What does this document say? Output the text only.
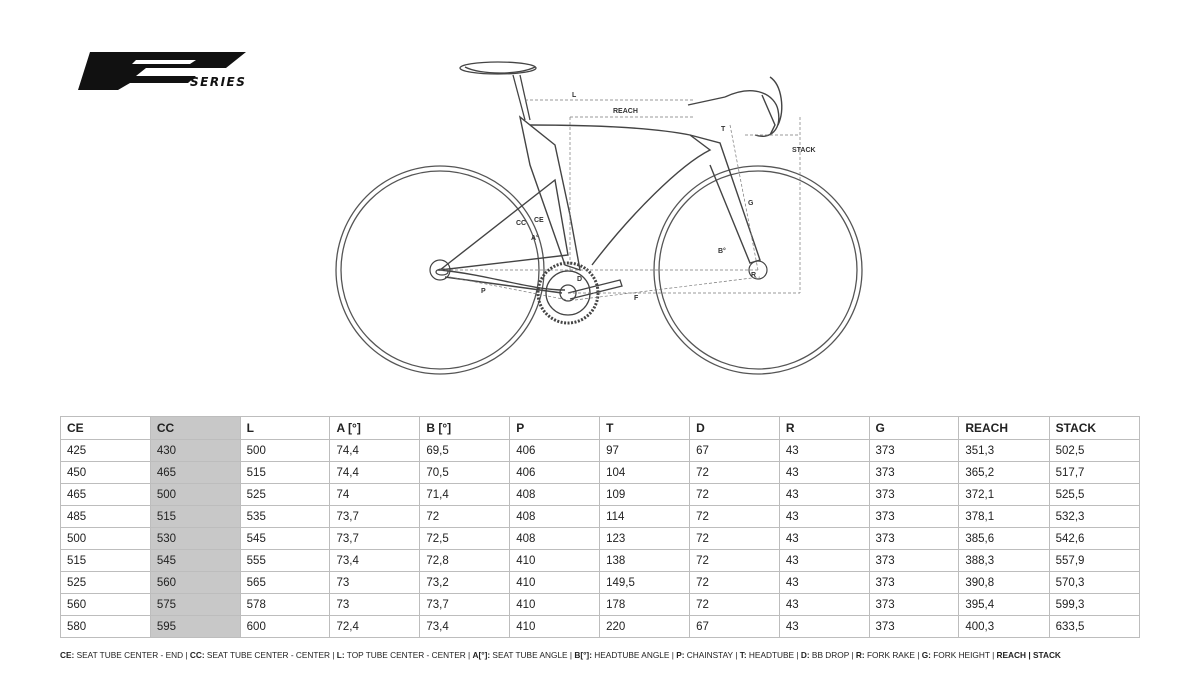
SERIES
L
REACH
STACK
T
G
CC CE
A°
B°
D
R
P
F
CE	CC	L	A [°]	B [°]	P	T	D	R	G	REACH	STACK
425	430	500	74,4	69,5	406	97	67	43	373	351,3	502,5
450	465	515	74,4	70,5	406	104	72	43	373	365,2	517,7
465	500	525	74	71,4	408	109	72	43	373	372,1	525,5
485	515	535	73,7	72	408	114	72	43	373	378,1	532,3
500	530	545	73,7	72,5	408	123	72	43	373	385,6	542,6
515	545	555	73,4	72,8	410	138	72	43	373	388,3	557,9
525	560	565	73	73,2	410	149,5	72	43	373	390,8	570,3
560	575	578	73	73,7	410	178	72	43	373	395,4	599,3
580	595	600	72,4	73,4	410	220	67	43	373	400,3	633,5
CE: SEAT TUBE CENTER - END | CC: SEAT TUBE CENTER - CENTER | L: TOP TUBE CENTER - CENTER | A[°]: SEAT TUBE ANGLE | B[°]: HEADTUBE ANGLE | P: CHAINSTAY | T: HEADTUBE | D: BB DROP | R: FORK RAKE | G: FORK HEIGHT | REACH | STACK
